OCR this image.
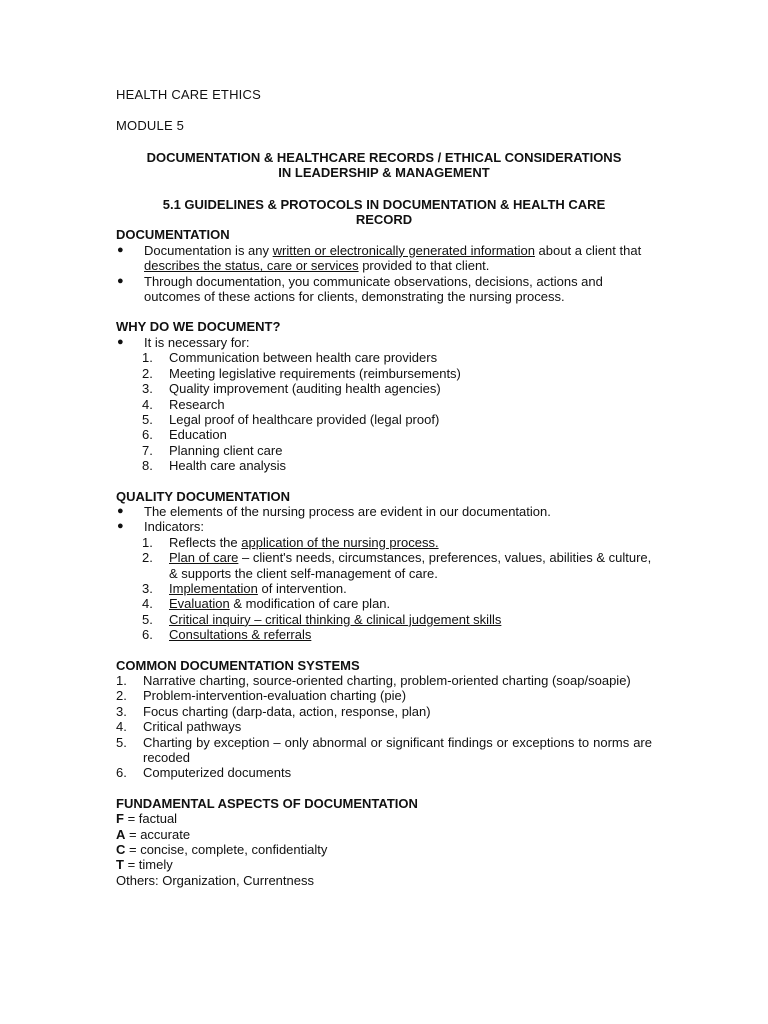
HEALTH CARE ETHICS

MODULE 5

DOCUMENTATION & HEALTHCARE RECORDS / ETHICAL CONSIDERATIONS
IN LEADERSHIP & MANAGEMENT
5.1 GUIDELINES & PROTOCOLS IN DOCUMENTATION & HEALTH CARE
RECORD
DOCUMENTATION
●	Documentation is any written or electronically generated information about a client that describes the status, care or services provided to that client.
●	Through documentation, you communicate observations, decisions, actions and outcomes of these actions for clients, demonstrating the nursing process.
WHY DO WE DOCUMENT?
●	It is necessary for:
1.	Communication between health care providers
2.	Meeting legislative requirements (reimbursements)
3.	Quality improvement (auditing health agencies)
4.	Research
5.	Legal proof of healthcare provided (legal proof)
6.	Education
7.	Planning client care
8.	Health care analysis
QUALITY DOCUMENTATION
●	The elements of the nursing process are evident in our documentation.
●	Indicators:
1.	Reflects the application of the nursing process.
2.	Plan of care – client's needs, circumstances, preferences, values, abilities & culture, & supports the client self-management of care.
3.	Implementation of intervention.
4.	Evaluation & modification of care plan.
5.	Critical inquiry – critical thinking & clinical judgement skills
6.	Consultations & referrals
COMMON DOCUMENTATION SYSTEMS
1.	Narrative charting, source-oriented charting, problem-oriented charting (soap/soapie)
2.	Problem-intervention-evaluation charting (pie)
3.	Focus charting (darp-data, action, response, plan)
4.	Critical pathways
5.	Charting by exception – only abnormal or significant findings or exceptions to norms are recoded
6.	Computerized documents
FUNDAMENTAL ASPECTS OF DOCUMENTATION
F = factual
A = accurate
C = concise, complete, confidentialty
T = timely
Others: Organization, Currentness
